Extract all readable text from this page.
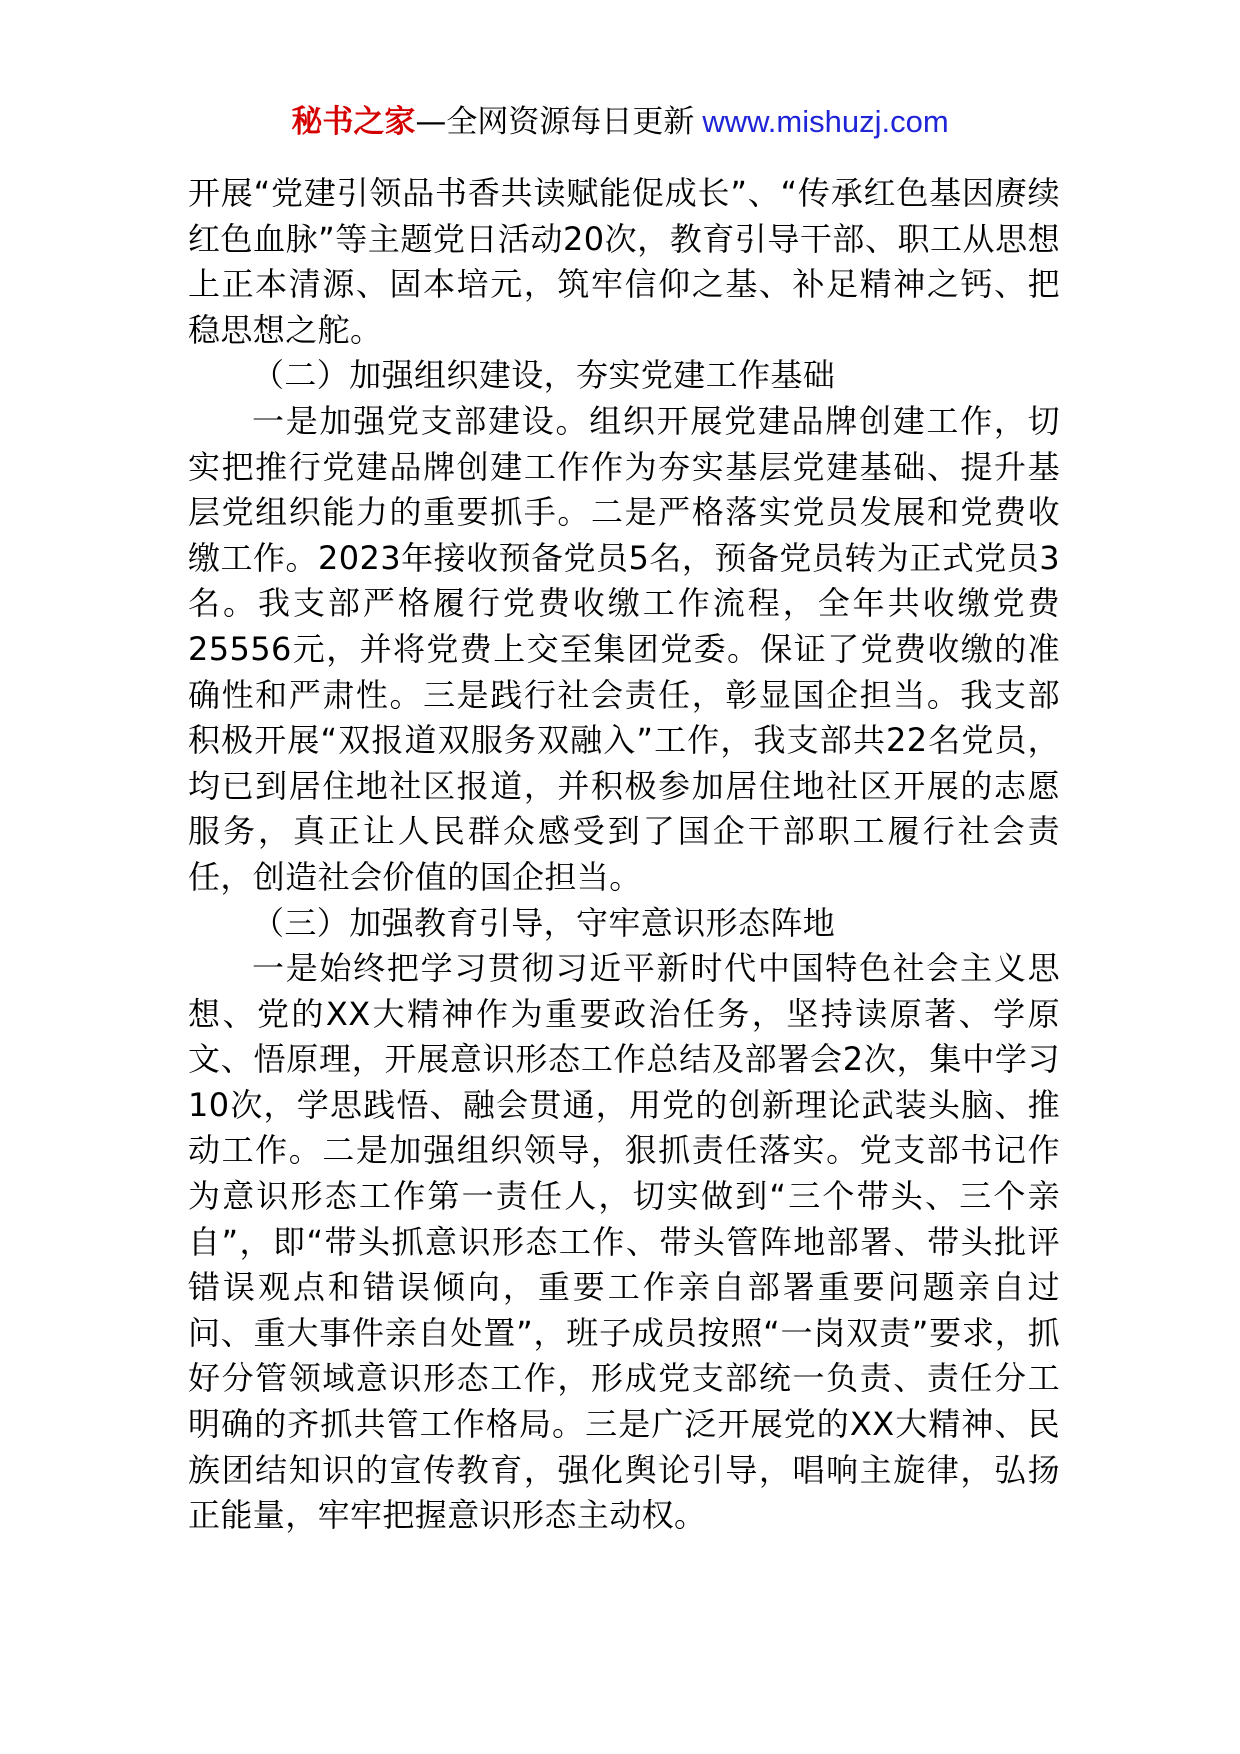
秘书之家—全网资源每日更新 www.mishuzj.com

开展“党建引领品书香共读赋能促成长”、“传承红色基因赓续红色血脉”等主题党日活动20次，教育引导干部、职工从思想上正本清源、固本培元，筑牢信仰之基、补足精神之钙、把稳思想之舵。

（二）加强组织建设，夯实党建工作基础

一是加强党支部建设。组织开展党建品牌创建工作，切实把推行党建品牌创建工作作为夯实基层党建基础、提升基层党组织能力的重要抓手。二是严格落实党员发展和党费收缴工作。2023年接收预备党员5名，预备党员转为正式党员3名。我支部严格履行党费收缴工作流程，全年共收缴党费25556元，并将党费上交至集团党委。保证了党费收缴的准确性和严肃性。三是践行社会责任，彰显国企担当。我支部积极开展“双报道双服务双融入”工作，我支部共22名党员，均已到居住地社区报道，并积极参加居住地社区开展的志愿服务，真正让人民群众感受到了国企干部职工履行社会责任，创造社会价值的国企担当。

（三）加强教育引导，守牢意识形态阵地

一是始终把学习贯彻习近平新时代中国特色社会主义思想、党的XX大精神作为重要政治任务，坚持读原著、学原文、悟原理，开展意识形态工作总结及部署会2次，集中学习10次，学思践悟、融会贯通，用党的创新理论武装头脑、推动工作。二是加强组织领导，狠抓责任落实。党支部书记作为意识形态工作第一责任人，切实做到“三个带头、三个亲自”，即“带头抓意识形态工作、带头管阵地部署、带头批评错误观点和错误倾向，重要工作亲自部署重要问题亲自过问、重大事件亲自处置”，班子成员按照“一岗双责”要求，抓好分管领域意识形态工作，形成党支部统一负责、责任分工明确的齐抓共管工作格局。三是广泛开展党的XX大精神、民族团结知识的宣传教育，强化舆论引导，唱响主旋律，弘扬正能量，牢牢把握意识形态主动权。
